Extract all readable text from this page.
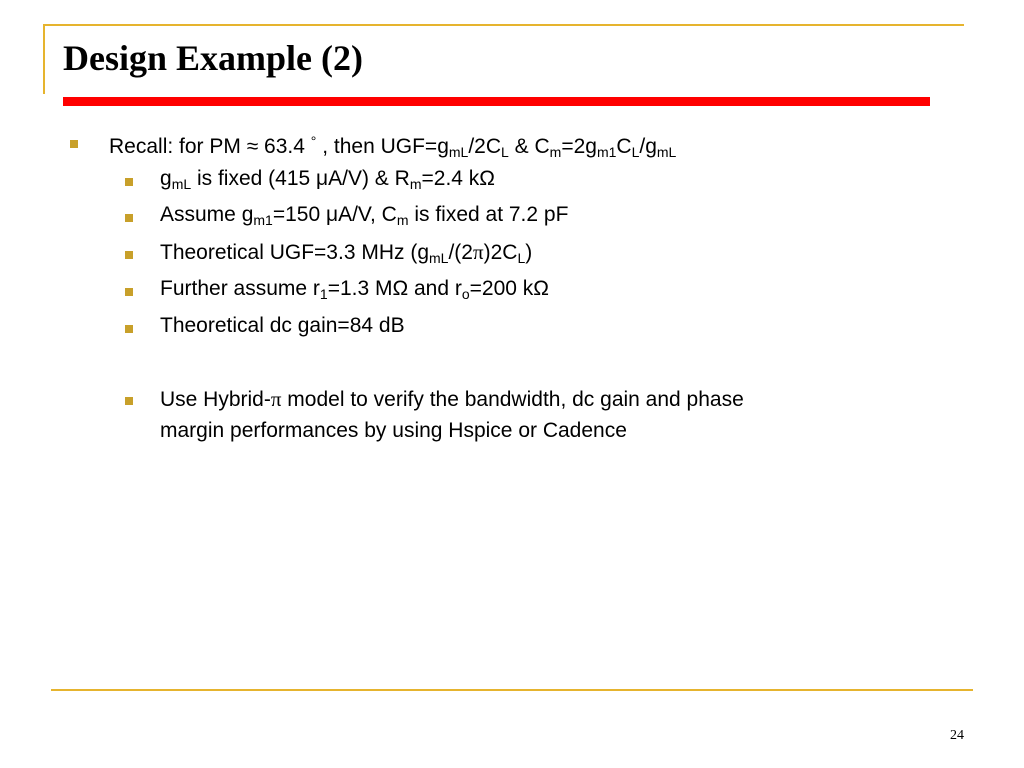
Design Example (2)
Recall: for PM ≈ 63.4 ° , then $UGF=g_{mL}/2C_L$ & $C_m=2g_{m1}C_L/g_{mL}$
$g_{mL}$ is fixed (415 μA/V) & $R_m=2.4$ kΩ
Assume $g_{m1}=150$ μA/V, $C_m$ is fixed at 7.2 pF
Theoretical UGF=3.3 MHz $(g_{mL}/(2\pi)2C_L)$
Further assume $r_1=1.3$ MΩ and $r_o=200$ kΩ
Theoretical dc gain=84 dB
Use Hybrid-π model to verify the bandwidth, dc gain and phase
margin performances by using Hspice or Cadence
24
